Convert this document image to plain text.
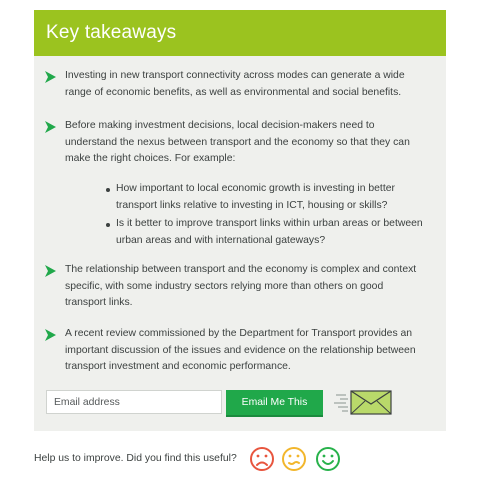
Key takeaways

Investing in new transport connectivity across modes can generate a wide range of economic benefits, as well as environmental and social benefits.

Before making investment decisions, local decision-makers need to understand the nexus between transport and the economy so that they can make the right choices. For example:

The relationship between transport and the economy is complex and context specific, with some industry sectors relying more than others on good transport links.

A recent review commissioned by the Department for Transport provides an important discussion of the issues and evidence on the relationship between transport investment and economic performance.

How important to local economic growth is investing in better transport links relative to investing in ICT, housing or skills?
Is it better to improve transport links within urban areas or between urban areas and with international gateways?
Email address
Email Me This
Help us to improve. Did you find this useful?
